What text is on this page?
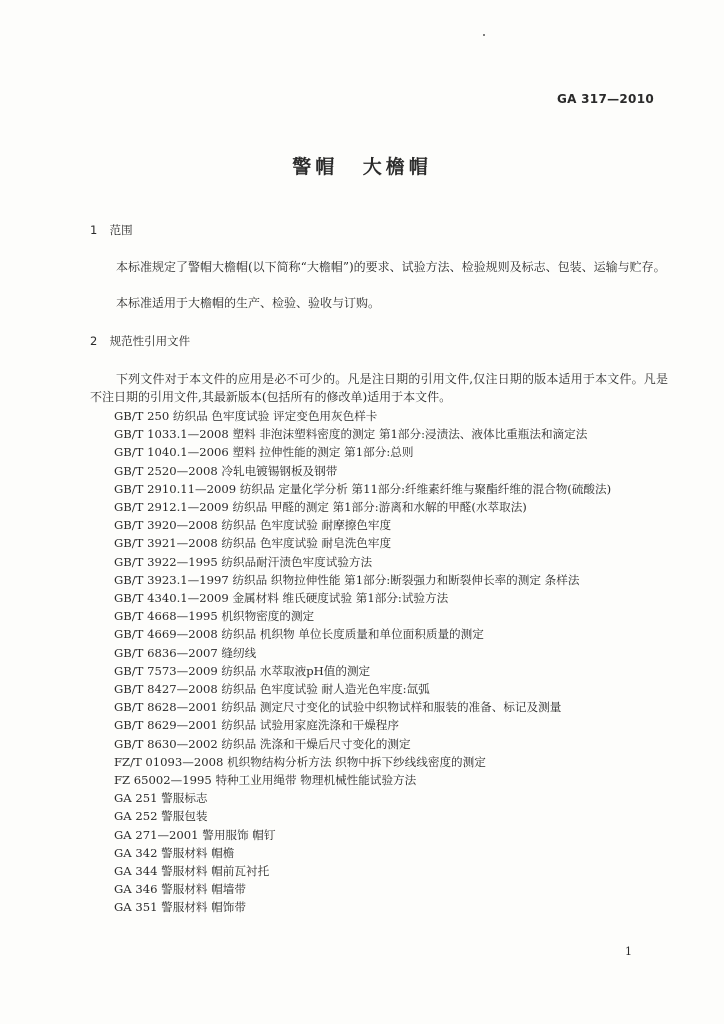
GA 317—2010
警帽 大檐帽
1 范围
本标准规定了警帽大檐帽(以下简称“大檐帽”)的要求、试验方法、检验规则及标志、包装、运输与贮存。
本标准适用于大檐帽的生产、检验、验收与订购。
2 规范性引用文件
下列文件对于本文件的应用是必不可少的。凡是注日期的引用文件,仅注日期的版本适用于本文件。凡是不注日期的引用文件,其最新版本(包括所有的修改单)适用于本文件。
GB/T 250 纺织品 色牢度试验 评定变色用灰色样卡
GB/T 1033.1—2008 塑料 非泡沫塑料密度的测定 第1部分:浸渍法、液体比重瓶法和滴定法
GB/T 1040.1—2006 塑料 拉伸性能的测定 第1部分:总则
GB/T 2520—2008 冷轧电镀锡钢板及钢带
GB/T 2910.11—2009 纺织品 定量化学分析 第11部分:纤维素纤维与聚酯纤维的混合物(硫酸法)
GB/T 2912.1—2009 纺织品 甲醛的测定 第1部分:游离和水解的甲醛(水萃取法)
GB/T 3920—2008 纺织品 色牢度试验 耐摩擦色牢度
GB/T 3921—2008 纺织品 色牢度试验 耐皂洗色牢度
GB/T 3922—1995 纺织品耐汗渍色牢度试验方法
GB/T 3923.1—1997 纺织品 织物拉伸性能 第1部分:断裂强力和断裂伸长率的测定 条样法
GB/T 4340.1—2009 金属材料 维氏硬度试验 第1部分:试验方法
GB/T 4668—1995 机织物密度的测定
GB/T 4669—2008 纺织品 机织物 单位长度质量和单位面积质量的测定
GB/T 6836—2007 缝纫线
GB/T 7573—2009 纺织品 水萃取液pH值的测定
GB/T 8427—2008 纺织品 色牢度试验 耐人造光色牢度:氙弧
GB/T 8628—2001 纺织品 测定尺寸变化的试验中织物试样和服装的准备、标记及测量
GB/T 8629—2001 纺织品 试验用家庭洗涤和干燥程序
GB/T 8630—2002 纺织品 洗涤和干燥后尺寸变化的测定
FZ/T 01093—2008 机织物结构分析方法 织物中拆下纱线线密度的测定
FZ 65002—1995 特种工业用绳带 物理机械性能试验方法
GA 251 警服标志
GA 252 警服包装
GA 271—2001 警用服饰 帽钉
GA 342 警服材料 帽檐
GA 344 警服材料 帽前瓦衬托
GA 346 警服材料 帽墙带
GA 351 警服材料 帽饰带
1
